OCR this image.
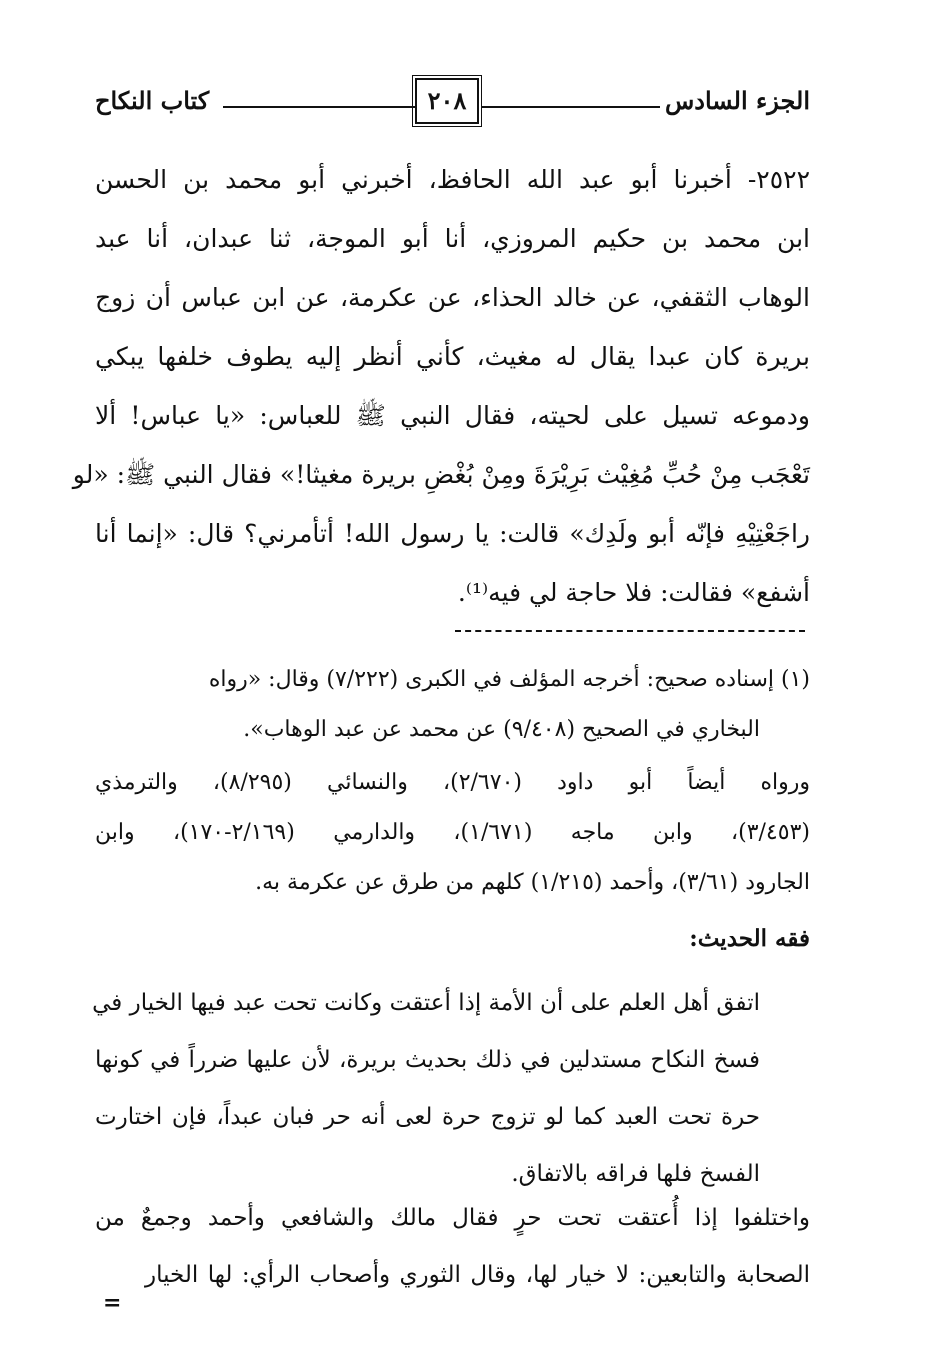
الجزء السادس
٢٠٨
كتاب النكاح
٢٥٢٢- أخبرنا أبو عبد الله الحافظ، أخبرني أبو محمد بن الحسن
ابن محمد بن حكيم المروزي، أنا أبو الموجة، ثنا عبدان، أنا عبد
الوهاب الثقفي، عن خالد الحذاء، عن عكرمة، عن ابن عباس أن زوج
بريرة كان عبدا يقال له مغيث، كأني أنظر إليه يطوف خلفها يبكي
ودموعه تسيل على لحيته، فقال النبي ﷺ للعباس: «يا عباس! ألا
تَعْجَب مِنْ حُبِّ مُغِيْث بَرِيْرَةَ ومِنْ بُغْضِ بريرة مغيثا!» فقال النبي ﷺ: «لو
راجَعْتِيْهِ فإنّه أبو ولَدِك» قالت: يا رسول الله! أتأمرني؟ قال: «إنما أنا
أشفع» فقالت: فلا حاجة لي فيه⁽¹⁾.
(١) إسناده صحيح: أخرجه المؤلف في الكبرى (٧/٢٢٢) وقال: «رواه
البخاري في الصحيح (٩/٤٠٨) عن محمد عن عبد الوهاب».
ورواه أيضاً أبو داود (٢/٦٧٠)، والنسائي (٨/٢٩٥)، والترمذي
(٣/٤٥٣)، وابن ماجه (١/٦٧١)، والدارمي (٢/١٦٩-١٧٠)، وابن
الجارود (٣/٦١)، وأحمد (١/٢١٥) كلهم من طرق عن عكرمة به.
فقه الحديث:
اتفق أهل العلم على أن الأمة إذا أعتقت وكانت تحت عبد فيها الخيار في
فسخ النكاح مستدلين في ذلك بحديث بريرة، لأن عليها ضرراً في كونها
حرة تحت العبد كما لو تزوج حرة لعى أنه حر فبان عبداً، فإن اختارت
الفسخ فلها فراقه بالاتفاق.
واختلفوا إذا أُعتقت تحت حرٍ فقال مالك والشافعي وأحمد وجمعٌ من
الصحابة والتابعين: لا خيار لها، وقال الثوري وأصحاب الرأي: لها الخيار
=
